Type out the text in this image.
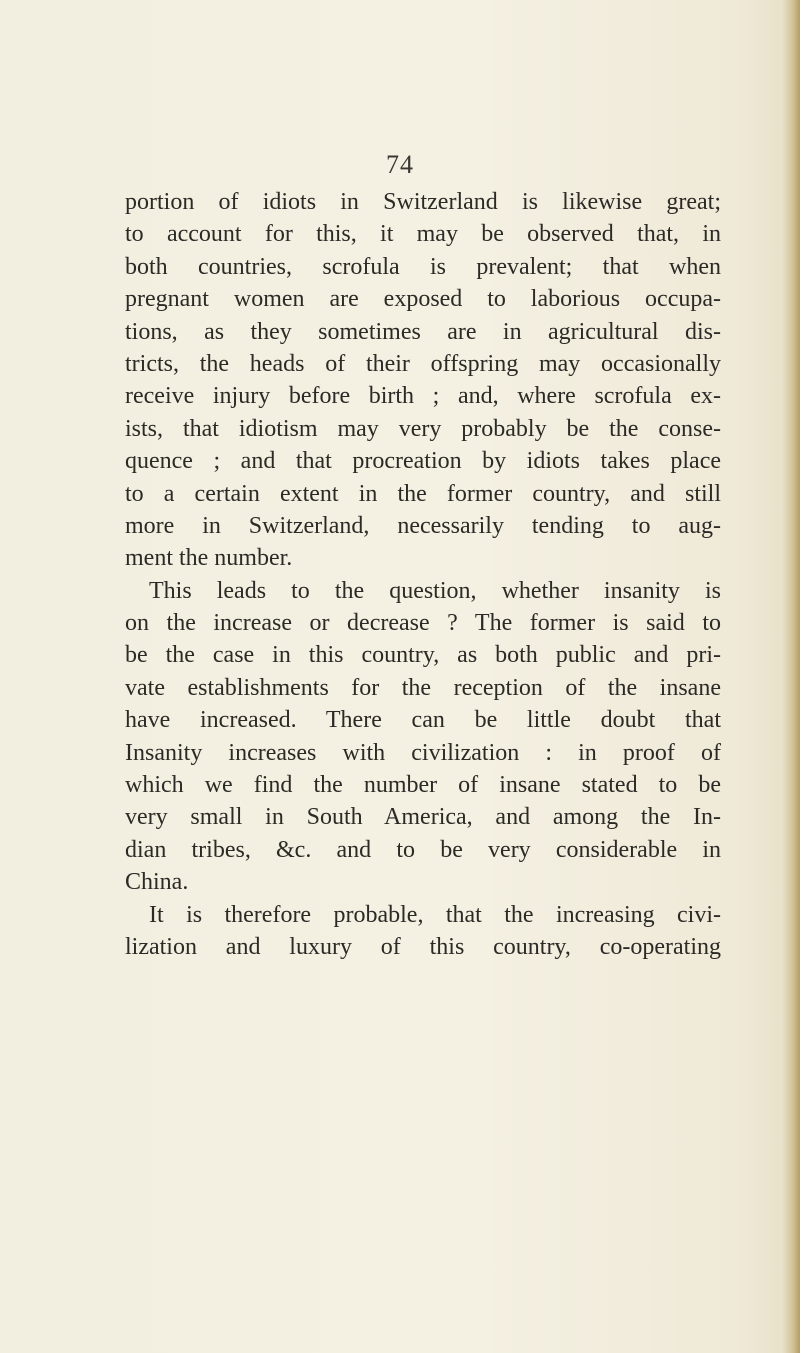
74
portion of idiots in Switzerland is likewise great;
to account for this, it may be observed that, in
both countries, scrofula is prevalent; that when
pregnant women are exposed to laborious occupa-
tions, as they sometimes are in agricultural dis-
tricts, the heads of their offspring may occasionally
receive injury before birth ; and, where scrofula ex-
ists, that idiotism may very probably be the conse-
quence ; and that procreation by idiots takes place
to a certain extent in the former country, and still
more in Switzerland, necessarily tending to aug-
ment the number.
This leads to the question, whether insanity is
on the increase or decrease ? The former is said to
be the case in this country, as both public and pri-
vate establishments for the reception of the insane
have increased. There can be little doubt that
Insanity increases with civilization : in proof of
which we find the number of insane stated to be
very small in South America, and among the In-
dian tribes, &c. and to be very considerable in
China.
It is therefore probable, that the increasing civi-
lization and luxury of this country, co-operating
